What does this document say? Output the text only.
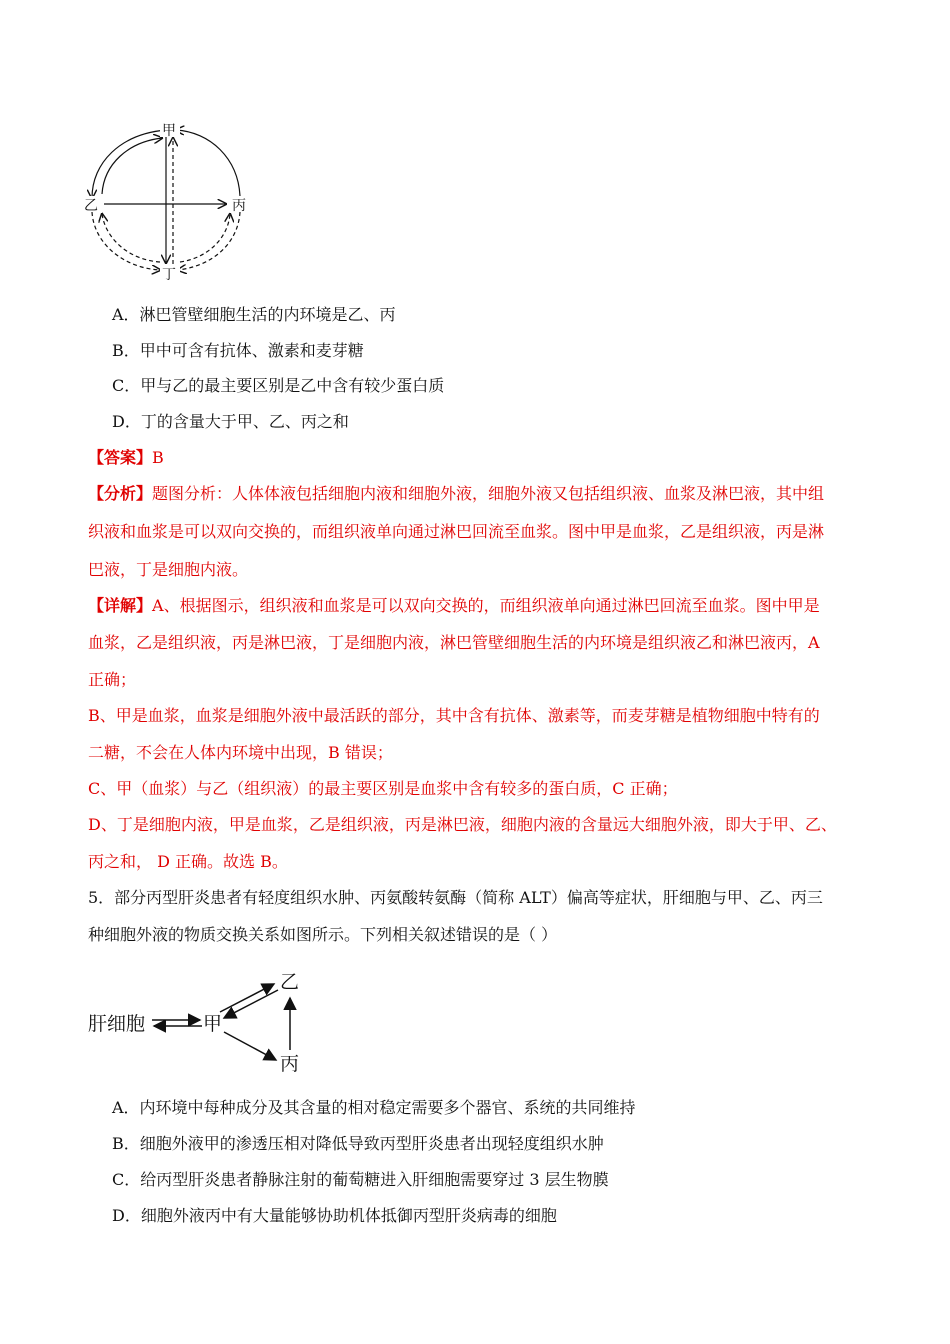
甲
乙	丙
丁
A．淋巴管壁细胞生活的内环境是乙、丙
B．甲中可含有抗体、激素和麦芽糖
C．甲与乙的最主要区别是乙中含有较少蛋白质
D．丁的含量大于甲、乙、丙之和
【答案】B
【分析】题图分析：人体体液包括细胞内液和细胞外液，细胞外液又包括组织液、血浆及淋巴液，其中组
织液和血浆是可以双向交换的，而组织液单向通过淋巴回流至血浆。图中甲是血浆，乙是组织液，丙是淋
巴液，丁是细胞内液。
【详解】A、根据图示，组织液和血浆是可以双向交换的，而组织液单向通过淋巴回流至血浆。图中甲是
血浆，乙是组织液，丙是淋巴液，丁是细胞内液，淋巴管壁细胞生活的内环境是组织液乙和淋巴液丙，A
正确；
B、甲是血浆，血浆是细胞外液中最活跃的部分，其中含有抗体、激素等，而麦芽糖是植物细胞中特有的
二糖，不会在人体内环境中出现，B 错误；
C、甲（血浆）与乙（组织液）的最主要区别是血浆中含有较多的蛋白质，C 正确；
D、丁是细胞内液，甲是血浆，乙是组织液，丙是淋巴液，细胞内液的含量远大细胞外液，即大于甲、乙、
丙之和， D 正确。故选 B。
5．部分丙型肝炎患者有轻度组织水肿、丙氨酸转氨酶（简称 ALT）偏高等症状，肝细胞与甲、乙、丙三
种细胞外液的物质交换关系如图所示。下列相关叙述错误的是（ ）
肝细胞	甲
乙
丙
A．内环境中每种成分及其含量的相对稳定需要多个器官、系统的共同维持
B．细胞外液甲的渗透压相对降低导致丙型肝炎患者出现轻度组织水肿
C．给丙型肝炎患者静脉注射的葡萄糖进入肝细胞需要穿过 3 层生物膜
D．细胞外液丙中有大量能够协助机体抵御丙型肝炎病毒的细胞
